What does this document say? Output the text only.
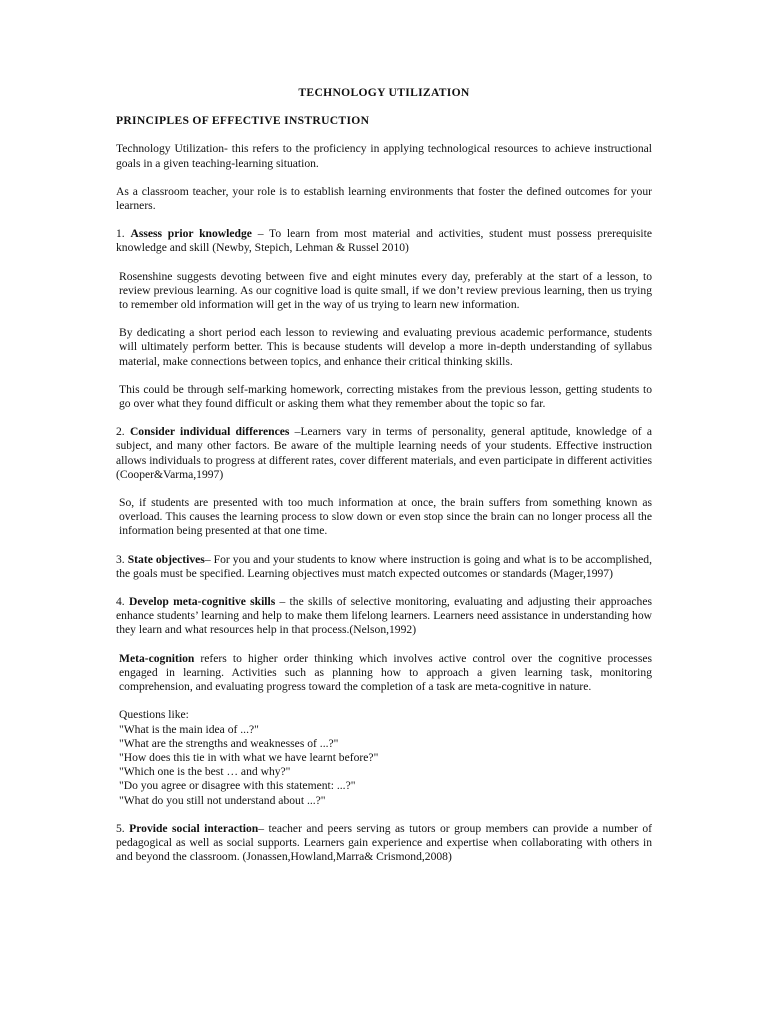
TECHNOLOGY UTILIZATION
PRINCIPLES OF EFFECTIVE INSTRUCTION

Technology Utilization- this refers to the proficiency in applying technological resources to achieve instructional goals in a given teaching-learning situation.

As a classroom teacher, your role is to establish learning environments that foster the defined outcomes for your learners.

1. Assess prior knowledge – To learn from most material and activities, student must possess prerequisite knowledge and skill (Newby, Stepich, Lehman & Russel 2010)

Rosenshine suggests devoting between five and eight minutes every day, preferably at the start of a lesson, to review previous learning. As our cognitive load is quite small, if we don’t review previous learning, then us trying to remember old information will get in the way of us trying to learn new information.

By dedicating a short period each lesson to reviewing and evaluating previous academic performance, students will ultimately perform better. This is because students will develop a more in-depth understanding of syllabus material, make connections between topics, and enhance their critical thinking skills.

This could be through self-marking homework, correcting mistakes from the previous lesson, getting students to go over what they found difficult or asking them what they remember about the topic so far.

2. Consider individual differences –Learners vary in terms of personality, general aptitude, knowledge of a subject, and many other factors. Be aware of the multiple learning needs of your students. Effective instruction allows individuals to progress at different rates, cover different materials, and even participate in different activities (Cooper&Varma,1997)

So, if students are presented with too much information at once, the brain suffers from something known as overload. This causes the learning process to slow down or even stop since the brain can no longer process all the information being presented at that one time.

3. State objectives– For you and your students to know where instruction is going and what is to be accomplished, the goals must be specified. Learning objectives must match expected outcomes or standards (Mager,1997)

4. Develop meta-cognitive skills – the skills of selective monitoring, evaluating and adjusting their approaches enhance students’ learning and help to make them lifelong learners. Learners need assistance in understanding how they learn and what resources help in that process.(Nelson,1992)

Meta-cognition refers to higher order thinking which involves active control over the cognitive processes engaged in learning. Activities such as planning how to approach a given learning task, monitoring comprehension, and evaluating progress toward the completion of a task are meta-cognitive in nature.

Questions like:
"What is the main idea of ...?"
"What are the strengths and weaknesses of ...?"
"How does this tie in with what we have learnt before?"
"Which one is the best … and why?"
"Do you agree or disagree with this statement: ...?"
"What do you still not understand about ...?"

5. Provide social interaction– teacher and peers serving as tutors or group members can provide a number of pedagogical as well as social supports. Learners gain experience and expertise when collaborating with others in and beyond the classroom. (Jonassen,Howland,Marra& Crismond,2008)
